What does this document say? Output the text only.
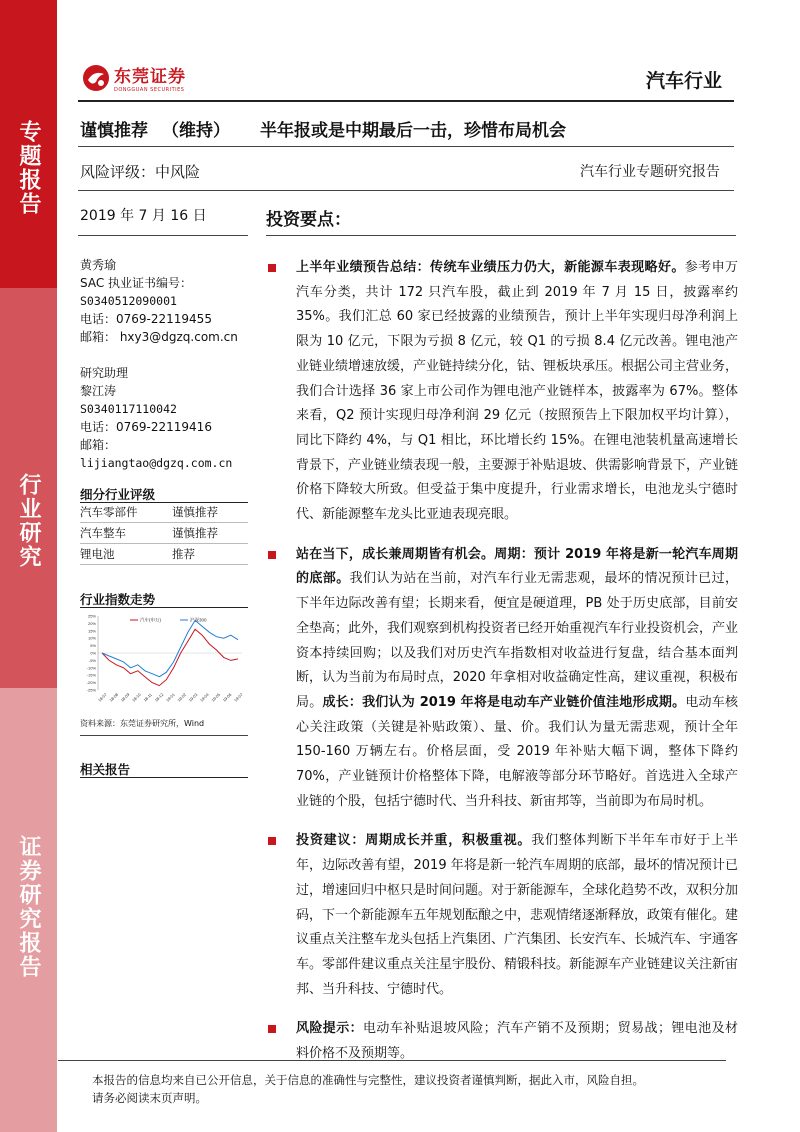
专题报告
行业研究
证券研究报告
东莞证券
DONGGUAN SECURITIES	汽车行业
谨慎推荐 （维持） 半年报或是中期最后一击，珍惜布局机会
风险评级：中风险	汽车行业专题研究报告
2019 年 7 月 16 日	投资要点：
黄秀瑜
SAC 执业证书编号：
S0340512090001
电话：0769-22119455
邮箱： hxy3@dgzq.com.cn
研究助理
黎江涛
S0340117110042
电话：0769-22119416
邮箱：
lijiangtao@dgzq.com.cn
细分行业评级
汽车零部件	谨慎推荐
汽车整车	谨慎推荐
锂电池	推荐
行业指数走势
25%
20%
15%
10%
5%
0%
-5%
-10%
-15%
-20%
-25%
18-07 18-08 18-09 18-10 18-11 18-12 19-01 19-02 19-03 19-04 19-05 19-06 19-07
汽车(申万)	沪深300
资料来源：东莞证券研究所，Wind
相关报告
上半年业绩预告总结：传统车业绩压力仍大，新能源车表现略好。参考申万汽车分类，共计 172 只汽车股，截止到 2019 年 7 月 15 日，披露率约 35%。我们汇总 60 家已经披露的业绩预告，预计上半年实现归母净利润上限为 10 亿元，下限为亏损 8 亿元，较 Q1 的亏损 8.4 亿元改善。锂电池产业链业绩增速放缓，产业链持续分化，钴、锂板块承压。根据公司主营业务，我们合计选择 36 家上市公司作为锂电池产业链样本，披露率为 67%。整体来看，Q2 预计实现归母净利润 29 亿元（按照预告上下限加权平均计算），同比下降约 4%，与 Q1 相比，环比增长约 15%。在锂电池装机量高速增长背景下，产业链业绩表现一般，主要源于补贴退坡、供需影响背景下，产业链价格下降较大所致。但受益于集中度提升，行业需求增长，电池龙头宁德时代、新能源整车龙头比亚迪表现亮眼。
站在当下，成长兼周期皆有机会。周期：预计 2019 年将是新一轮汽车周期的底部。我们认为站在当前，对汽车行业无需悲观，最坏的情况预计已过，下半年边际改善有望；长期来看，便宜是硬道理，PB 处于历史底部，目前安全垫高；此外，我们观察到机构投资者已经开始重视汽车行业投资机会，产业资本持续回购；以及我们对历史汽车指数相对收益进行复盘，结合基本面判断，认为当前为布局时点，2020 年拿相对收益确定性高，建议重视，积极布局。成长：我们认为 2019 年将是电动车产业链价值洼地形成期。电动车核心关注政策（关键是补贴政策）、量、价。我们认为量无需悲观，预计全年 150-160 万辆左右。价格层面，受 2019 年补贴大幅下调，整体下降约 70%，产业链预计价格整体下降，电解液等部分环节略好。首选进入全球产业链的个股，包括宁德时代、当升科技、新宙邦等，当前即为布局时机。
投资建议：周期成长并重，积极重视。我们整体判断下半年车市好于上半年，边际改善有望，2019 年将是新一轮汽车周期的底部，最坏的情况预计已过，增速回归中枢只是时间问题。对于新能源车，全球化趋势不改，双积分加码，下一个新能源车五年规划酝酿之中，悲观情绪逐渐释放，政策有催化。建议重点关注整车龙头包括上汽集团、广汽集团、长安汽车、长城汽车、宇通客车。零部件建议重点关注星宇股份、精锻科技。新能源车产业链建议关注新宙邦、当升科技、宁德时代。
风险提示：电动车补贴退坡风险；汽车产销不及预期；贸易战；锂电池及材料价格不及预期等。
本报告的信息均来自已公开信息，关于信息的准确性与完整性，建议投资者谨慎判断，据此入市，风险自担。
请务必阅读末页声明。
